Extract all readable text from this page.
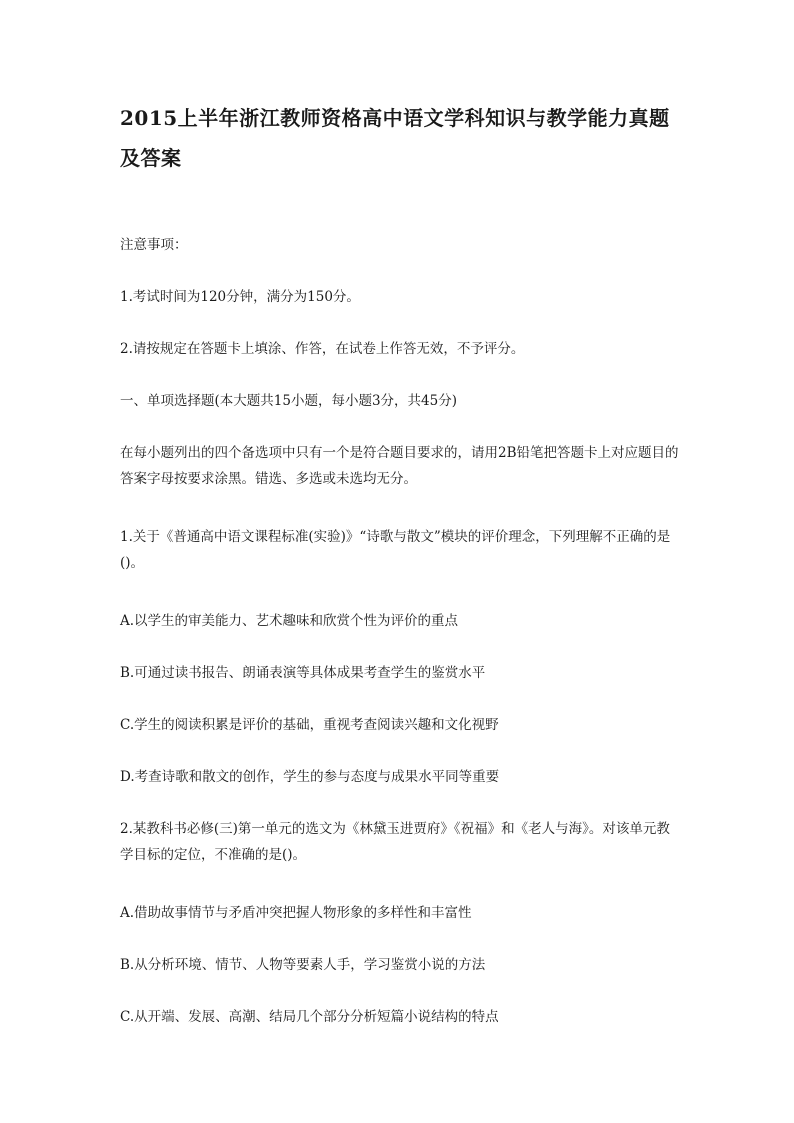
2015上半年浙江教师资格高中语文学科知识与教学能力真题及答案

注意事项：

1.考试时间为120分钟，满分为150分。

2.请按规定在答题卡上填涂、作答，在试卷上作答无效，不予评分。

一、单项选择题(本大题共15小题，每小题3分，共45分)

在每小题列出的四个备选项中只有一个是符合题目要求的，请用2B铅笔把答题卡上对应题目的答案字母按要求涂黑。错选、多选或未选均无分。

1.关于《普通高中语文课程标准(实验)》“诗歌与散文”模块的评价理念，下列理解不正确的是()。

A.以学生的审美能力、艺术趣味和欣赏个性为评价的重点

B.可通过读书报告、朗诵表演等具体成果考查学生的鉴赏水平

C.学生的阅读积累是评价的基础，重视考查阅读兴趣和文化视野

D.考查诗歌和散文的创作，学生的参与态度与成果水平同等重要

2.某教科书必修(三)第一单元的选文为《林黛玉进贾府》《祝福》和《老人与海》。对该单元教学目标的定位，不准确的是()。

A.借助故事情节与矛盾冲突把握人物形象的多样性和丰富性

B.从分析环境、情节、人物等要素人手，学习鉴赏小说的方法

C.从开端、发展、高潮、结局几个部分分析短篇小说结构的特点
